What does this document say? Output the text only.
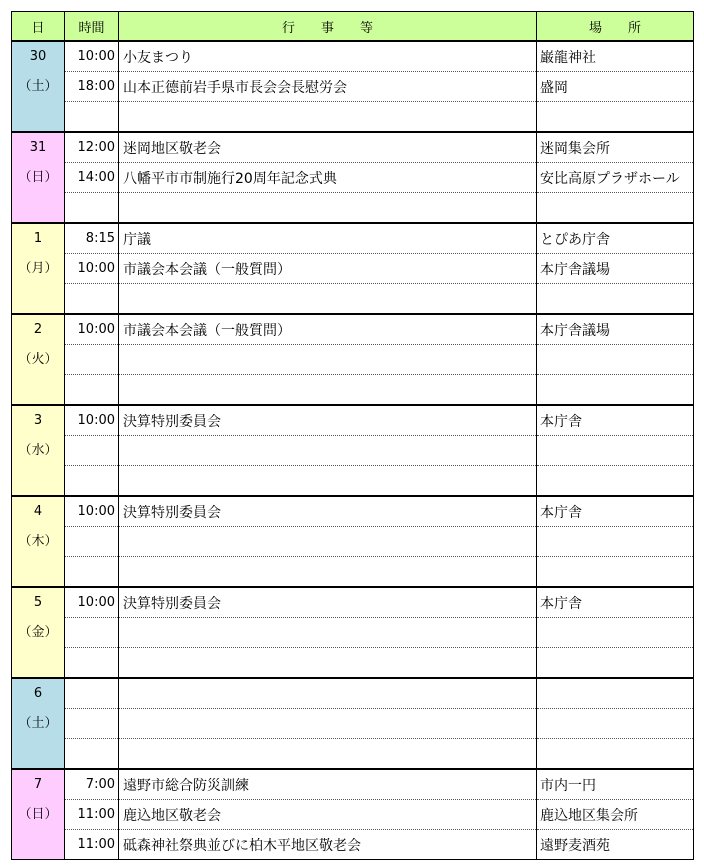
日	時間	行　　事　　等	場　　所

30
（土）	10:00	小友まつり	巌龍神社
	18:00	山本正德前岩手県市長会会長慰労会	盛岡

31
（日）	12:00	迷岡地区敬老会	迷岡集会所
	14:00	八幡平市市制施行20周年記念式典	安比高原プラザホール

1
（月）	8:15	庁議	とぴあ庁舎
	10:00	市議会本会議（一般質問）	本庁舎議場

2
（火）	10:00	市議会本会議（一般質問）	本庁舎議場

3
（水）	10:00	決算特別委員会	本庁舎

4
（木）	10:00	決算特別委員会	本庁舎

5
（金）	10:00	決算特別委員会	本庁舎

6
（土）			

7
（日）	7:00	遠野市総合防災訓練	市内一円
	11:00	鹿込地区敬老会	鹿込地区集会所
	11:00	砥森神社祭典並びに柏木平地区敬老会	遠野麦酒苑
